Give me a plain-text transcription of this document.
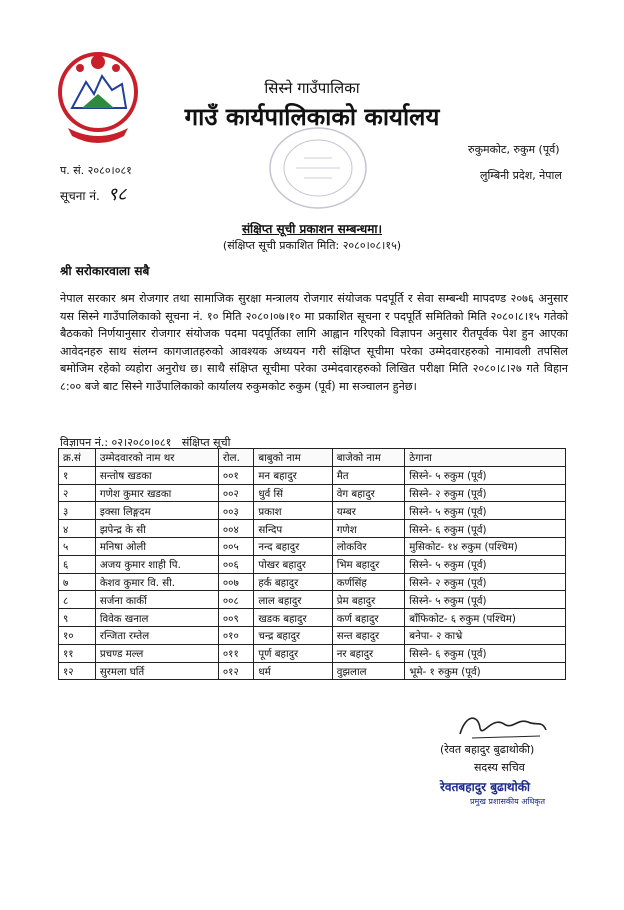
सिस्ने गाउँपालिका
गाउँ कार्यपालिकाको कार्यालय
रुकुमकोट, रुकुम (पूर्व)
लुम्बिनी प्रदेश, नेपाल
प. सं. २०८०।०८१
सूचना नं. ९८
संक्षिप्त सूची प्रकाशन सम्बन्धमा।
(संक्षिप्त सूची प्रकाशित मिति: २०८०।०८।१५)
श्री सरोकारवाला सबै
नेपाल सरकार श्रम रोजगार तथा सामाजिक सुरक्षा मन्त्रालय रोजगार संयोजक पदपूर्ति र सेवा सम्बन्धी मापदण्ड २०७६ अनुसार यस सिस्ने गाउँपालिकाको सूचना नं. १० मिति २०८०।०७।१० मा प्रकाशित सूचना र पदपूर्ति समितिको मिति २०८०।८।१५ गतेको बैठकको निर्णयानुसार रोजगार संयोजक पदमा पदपूर्तिका लागि आह्वान गरिएको विज्ञापन अनुसार रीतपूर्वक पेश हुन आएका आवेदनहरु साथ संलग्न कागजातहरुको आवश्यक अध्ययन गरी संक्षिप्त सूचीमा परेका उम्मेदवारहरुको नामावली तपसिल बमोजिम रहेको व्यहोरा अनुरोध छ। साथै संक्षिप्त सूचीमा परेका उम्मेदवारहरुको लिखित परीक्षा मिति २०८०।८।२७ गते विहान ८:०० बजे बाट सिस्ने गाउँपालिकाको कार्यालय रुकुमकोट रुकुम (पूर्व) मा सञ्चालन हुनेछ।
विज्ञापन नं.: ०२।२०८०।०८१ संक्षिप्त सूची
क्र.सं	उम्मेदवारको नाम थर	रोल.	बाबुको नाम	बाजेको नाम	ठेगाना
१	सन्तोष खडका	००१	मन बहादुर	मैत	सिस्ने- ५ रुकुम (पूर्व)
२	गणेश कुमार खडका	००२	धुर्व सिं	वेग बहादुर	सिस्ने- २ रुकुम (पूर्व)
३	इक्सा लिङ्गदम	००३	प्रकाश	यम्बर	सिस्ने- ५ रुकुम (पूर्व)
४	झपेन्द्र के सी	००४	सन्दिप	गणेश	सिस्ने- ६ रुकुम (पूर्व)
५	मनिषा ओली	००५	नन्द बहादुर	लोकविर	मुसिकोट- १४ रुकुम (पश्चिम)
६	अजय कुमार शाही पि.	००६	पोखर बहादुर	भिम बहादुर	सिस्ने- ५ रुकुम (पूर्व)
७	केशव कुमार वि. सी.	००७	हर्क बहादुर	कर्णसिंह	सिस्ने- २ रुकुम (पूर्व)
८	सर्जना कार्की	००८	लाल बहादुर	प्रेम बहादुर	सिस्ने- ५ रुकुम (पूर्व)
९	विवेक खनाल	००९	खडक बहादुर	कर्ण बहादुर	बाँफिकोट- ६ रुकुम (पश्चिम)
१०	रन्जिता रम्तेल	०१०	चन्द्र बहादुर	सन्त बहादुर	बनेपा- २ काभ्रे
११	प्रचण्ड मल्ल	०११	पूर्ण बहादुर	नर बहादुर	सिस्ने- ६ रुकुम (पूर्व)
१२	सुरमला घर्ति	०१२	धर्म	वुझलाल	भूमे- १ रुकुम (पूर्व)
(रेवत बहादुर बुढाथोकी)
सदस्य सचिव
रेवतबहादुर बुढाथोकी
प्रमुख प्रशासकीय अधिकृत
